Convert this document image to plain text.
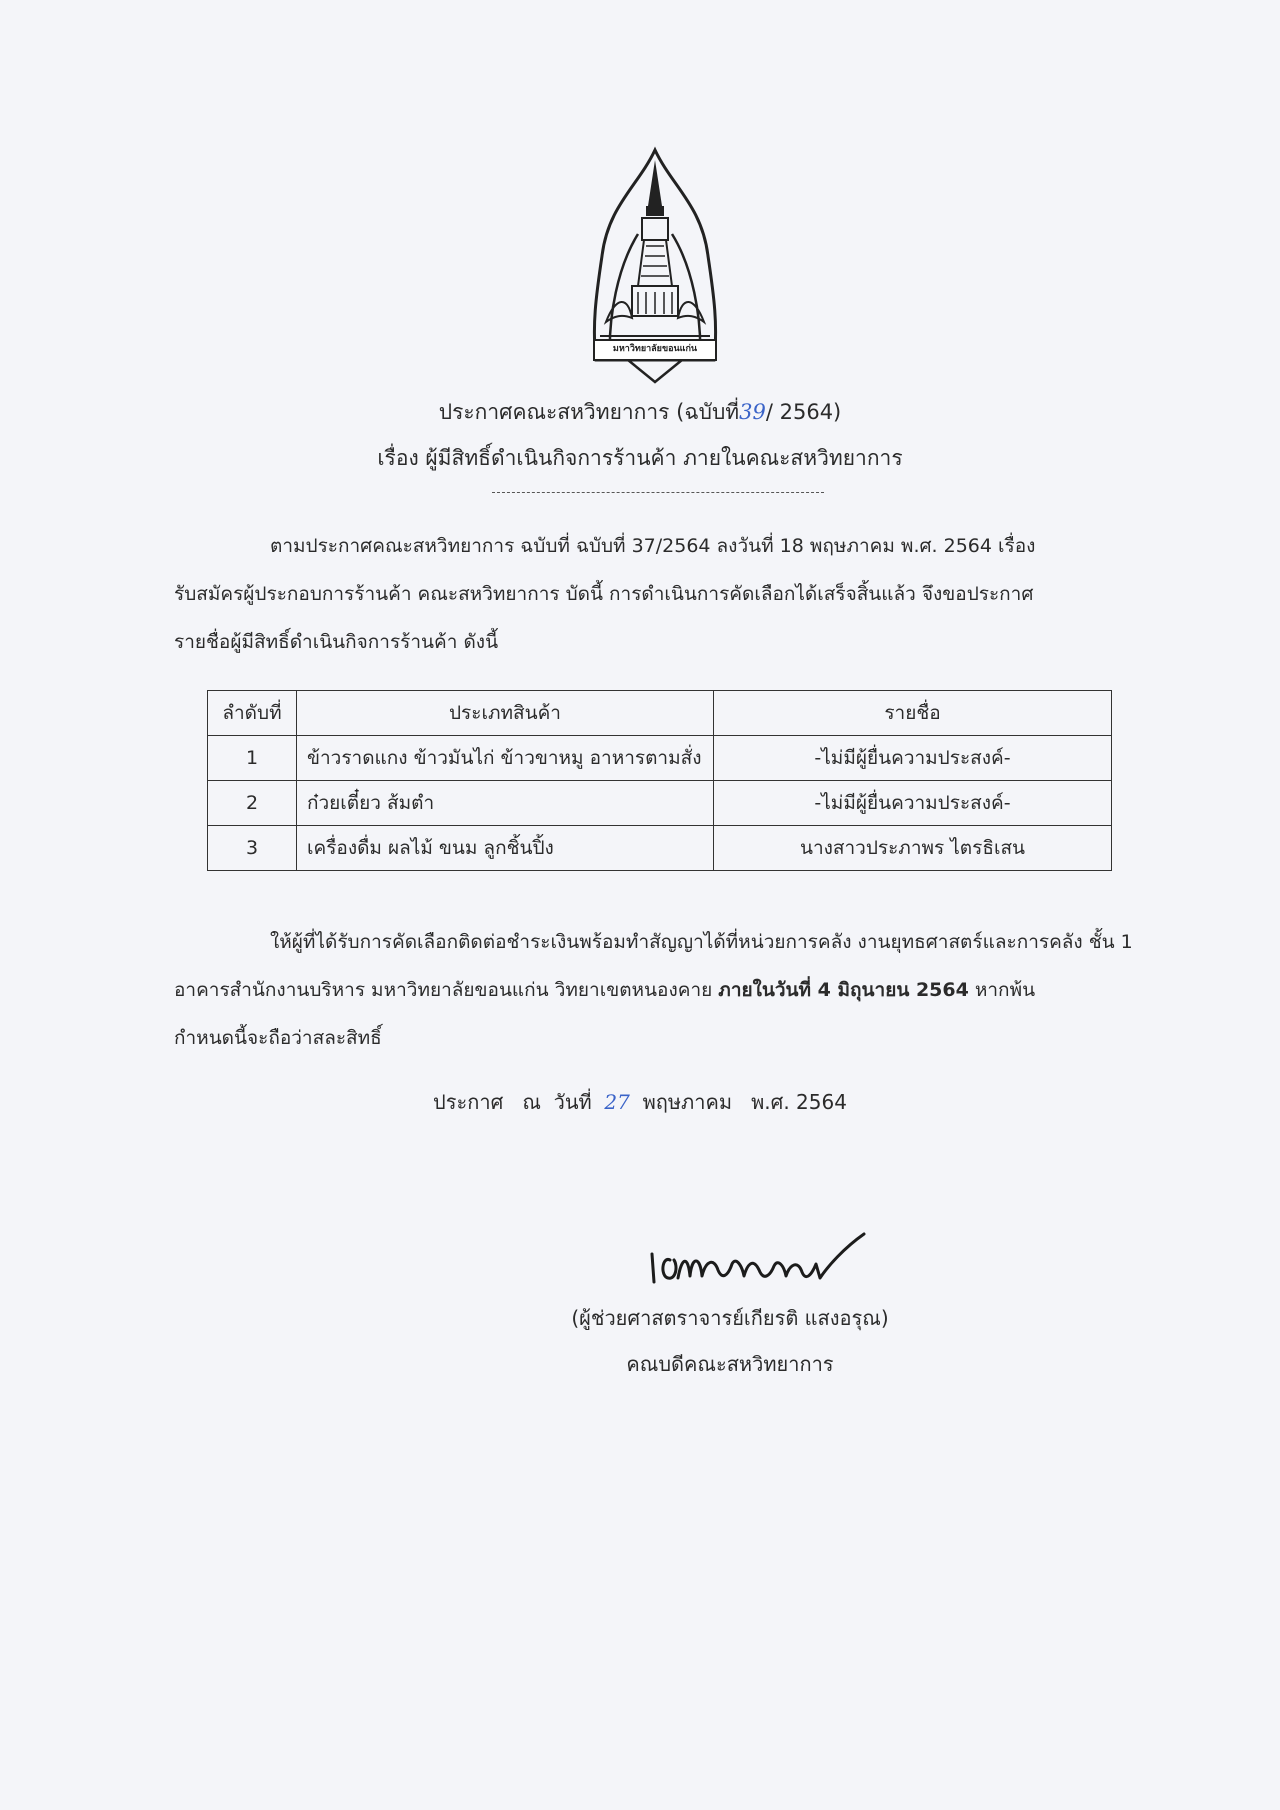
มหาวิทยาลัยขอนแก่น
ประกาศคณะสหวิทยาการ (ฉบับที่39/ 2564)
เรื่อง ผู้มีสิทธิ์ดำเนินกิจการร้านค้า ภายในคณะสหวิทยาการ
ตามประกาศคณะสหวิทยาการ ฉบับที่ ฉบับที่ 37/2564 ลงวันที่ 18 พฤษภาคม พ.ศ. 2564 เรื่อง
รับสมัครผู้ประกอบการร้านค้า คณะสหวิทยาการ บัดนี้ การดำเนินการคัดเลือกได้เสร็จสิ้นแล้ว จึงขอประกาศ
รายชื่อผู้มีสิทธิ์ดำเนินกิจการร้านค้า ดังนี้
ลำดับที่	ประเภทสินค้า	รายชื่อ
1	ข้าวราดแกง ข้าวมันไก่ ข้าวขาหมู อาหารตามสั่ง	-ไม่มีผู้ยื่นความประสงค์-
2	ก๋วยเตี๋ยว ส้มตำ	-ไม่มีผู้ยื่นความประสงค์-
3	เครื่องดื่ม ผลไม้ ขนม ลูกชิ้นปิ้ง	นางสาวประภาพร ไตรธิเสน
ให้ผู้ที่ได้รับการคัดเลือกติดต่อชำระเงินพร้อมทำสัญญาได้ที่หน่วยการคลัง งานยุทธศาสตร์และการคลัง ชั้น 1
อาคารสำนักงานบริหาร มหาวิทยาลัยขอนแก่น วิทยาเขตหนองคาย ภายในวันที่ 4 มิถุนายน 2564 หากพ้น
กำหนดนี้จะถือว่าสละสิทธิ์
ประกาศ   ณ  วันที่  27  พฤษภาคม   พ.ศ. 2564
(ผู้ช่วยศาสตราจารย์เกียรติ แสงอรุณ)
คณบดีคณะสหวิทยาการ
